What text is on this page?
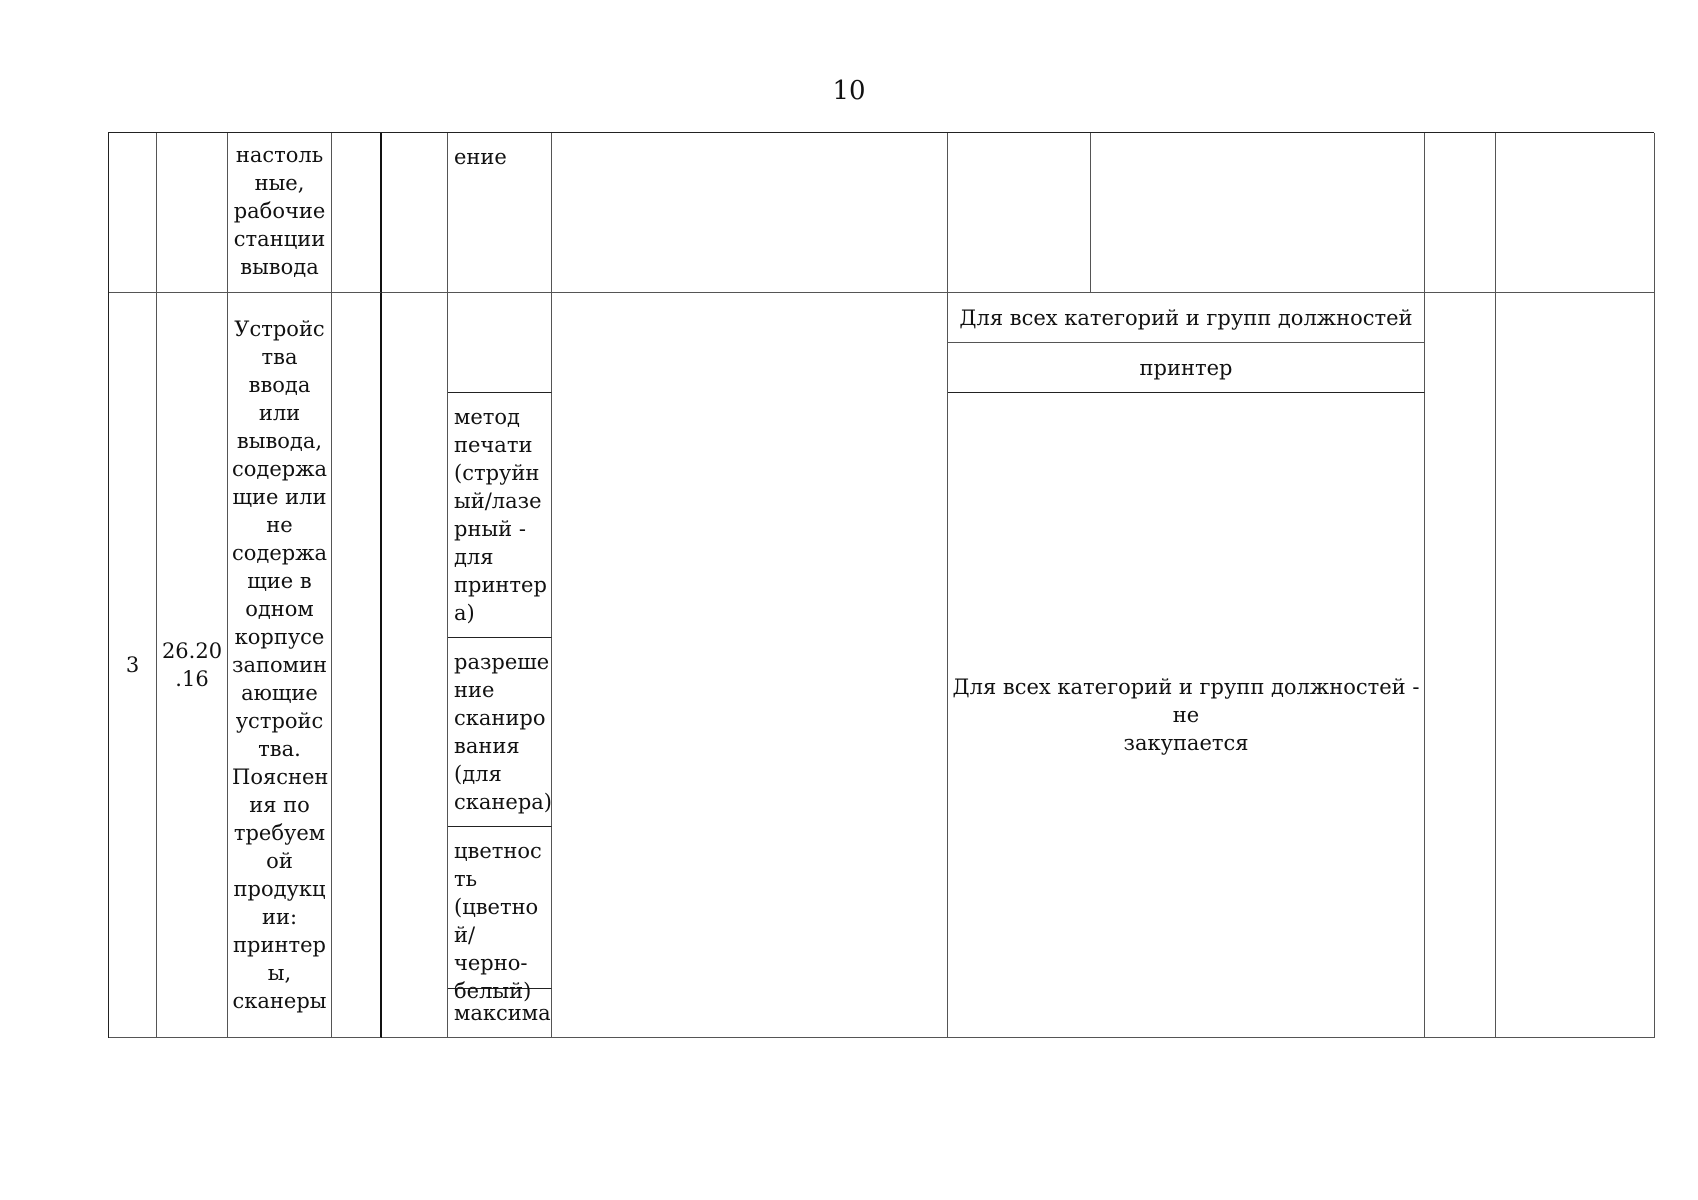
10
настоль
ные,
рабочие
станции
вывода
ение
3
26.20
.16
Устройс
тва
ввода
или
вывода,
содержа
щие или
не
содержа
щие в
одном
корпусе
запомин
ающие
устройс
тва.
Пояснен
ия по
требуем
ой
продукц
ии:
принтер
ы,
сканеры
метод
печати
(струйн
ый/лазе
рный -
для
принтер
а)
разреше
ние
сканиро
вания
(для
сканера)
цветнос
ть
(цветно
й/черно-
белый)
максима
Для всех категорий и групп должностей
принтер
Для всех категорий и групп должностей - не
закупается
